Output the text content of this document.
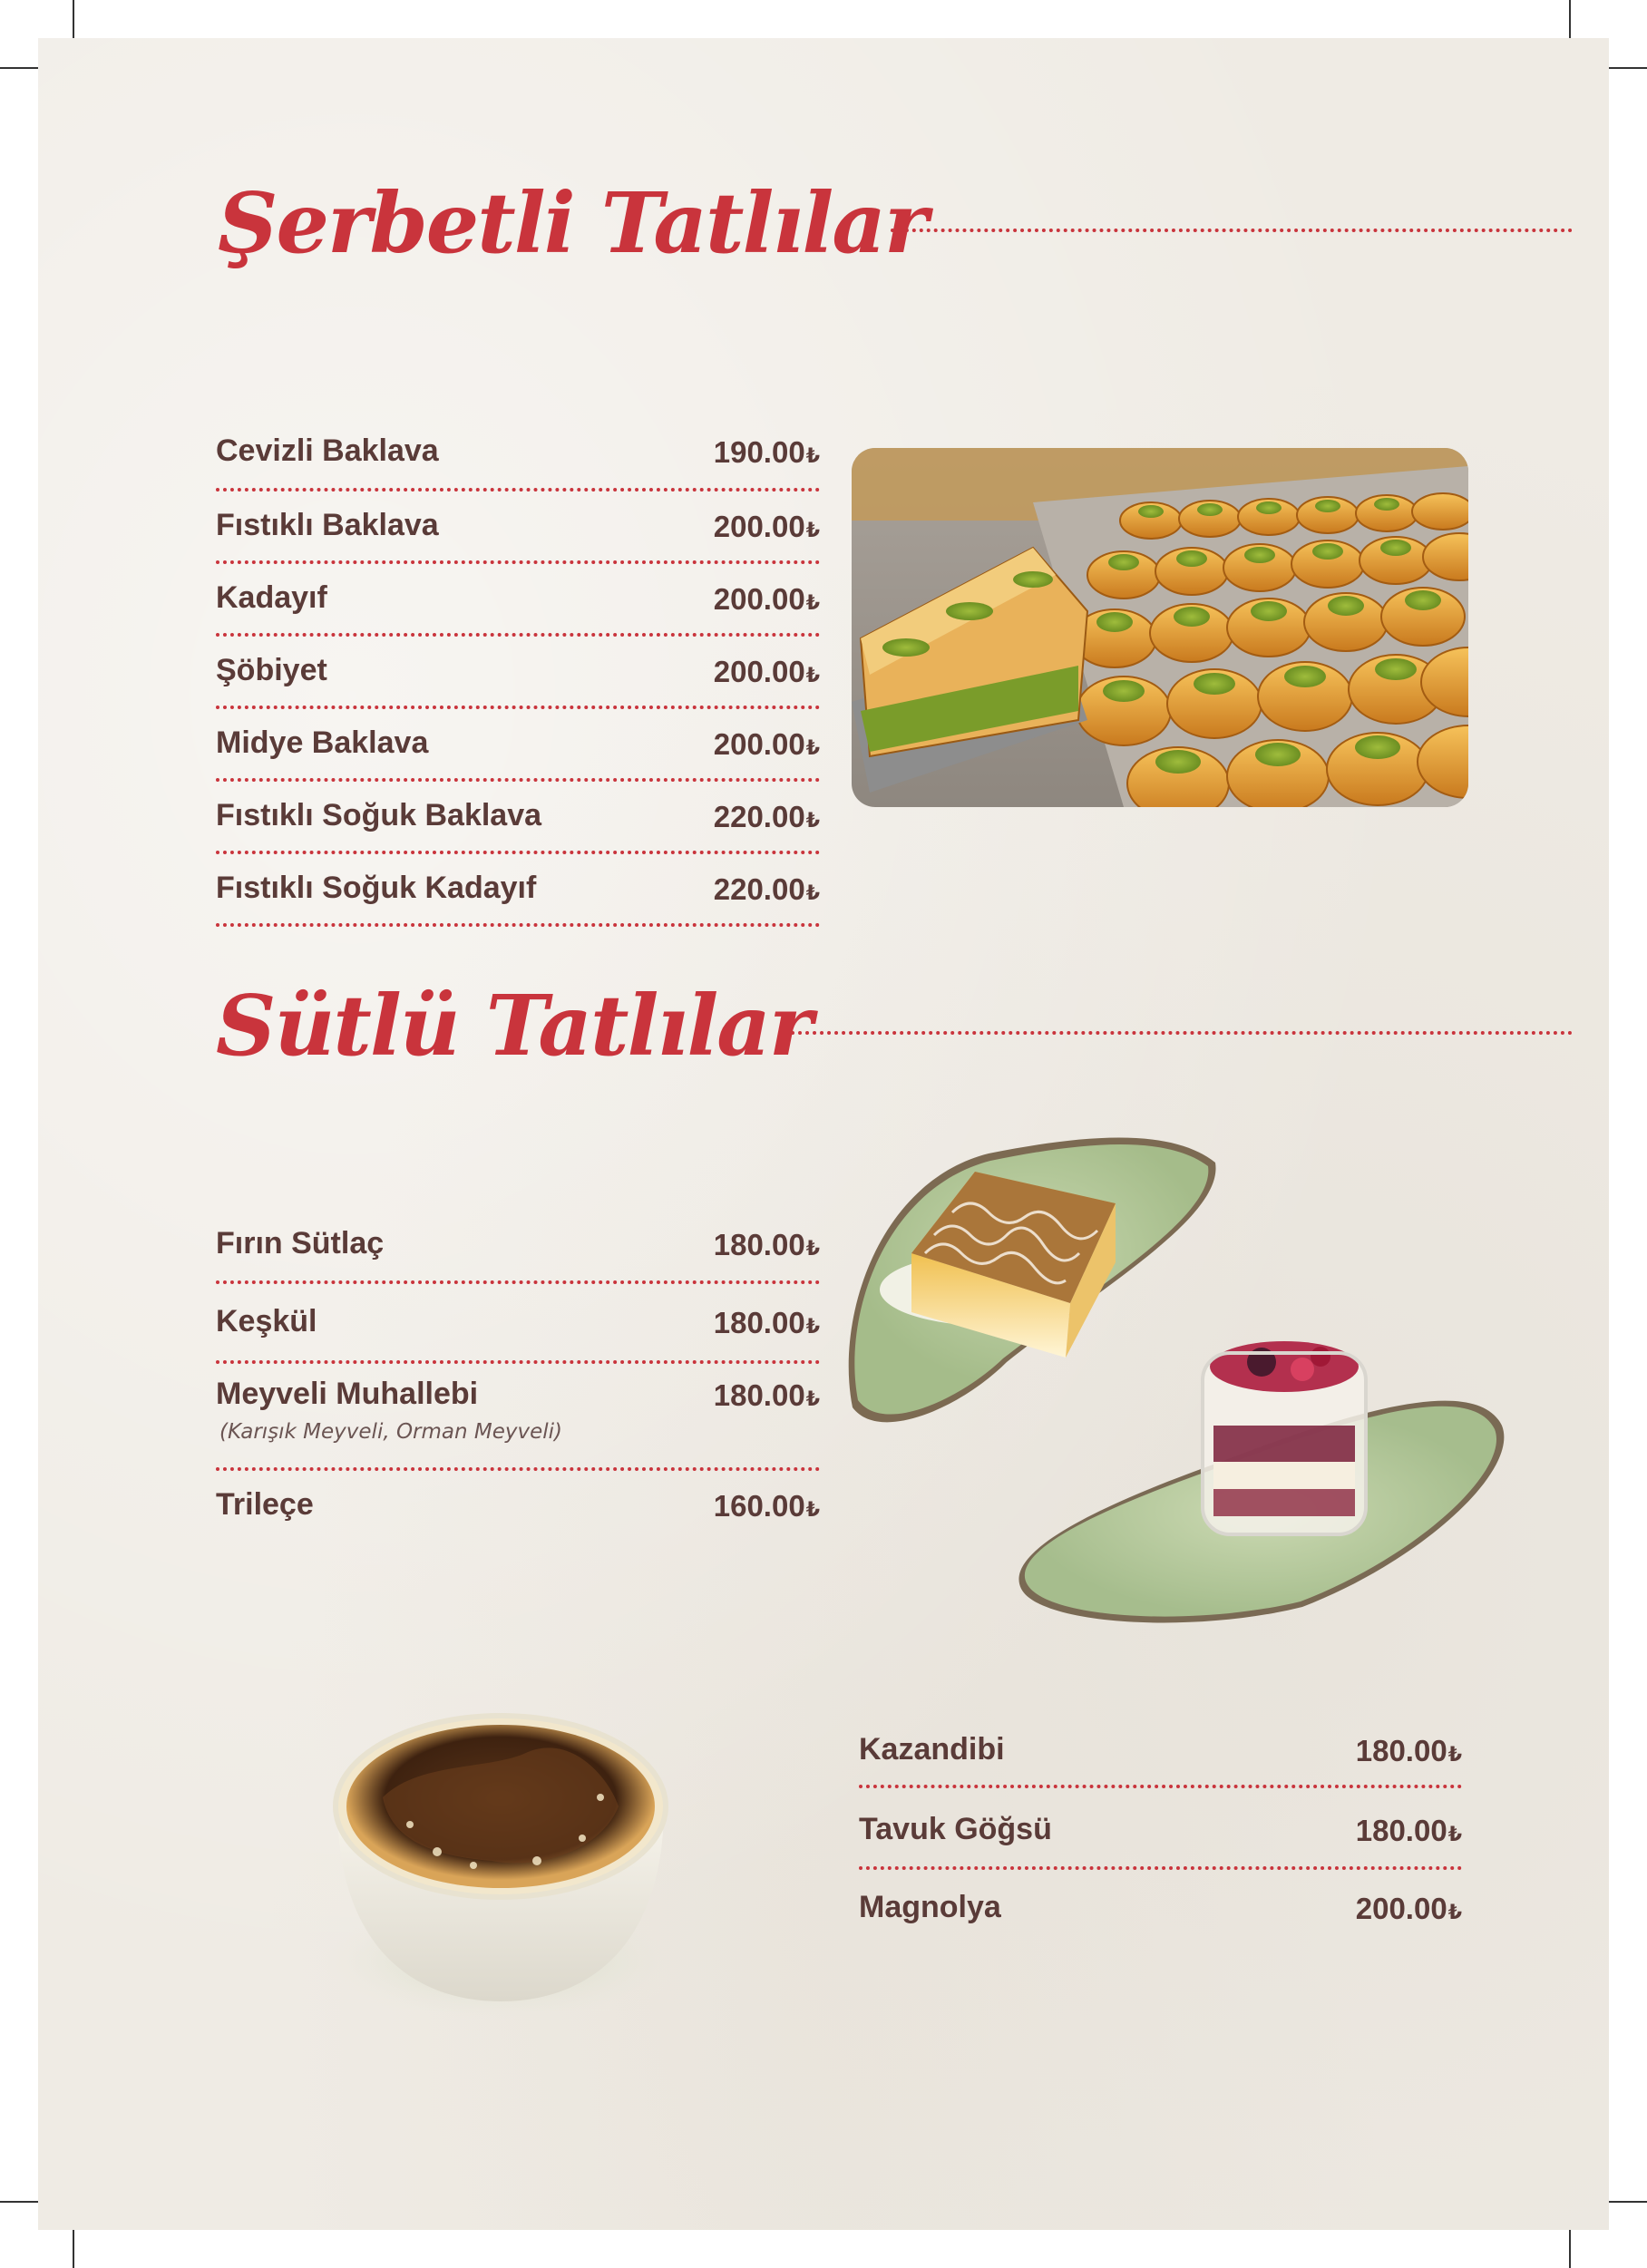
Şerbetli Tatlılar
Cevizli Baklava	190.00₺
Fıstıklı Baklava	200.00₺
Kadayıf	200.00₺
Şöbiyet	200.00₺
Midye Baklava	200.00₺
Fıstıklı Soğuk Baklava	220.00₺
Fıstıklı Soğuk Kadayıf	220.00₺
Sütlü Tatlılar
Fırın Sütlaç	180.00₺
Keşkül	180.00₺
Meyveli Muhallebi	180.00₺
(Karışık Meyveli, Orman Meyveli)
Trileçe	160.00₺
Kazandibi	180.00₺
Tavuk Göğsü	180.00₺
Magnolya	200.00₺
